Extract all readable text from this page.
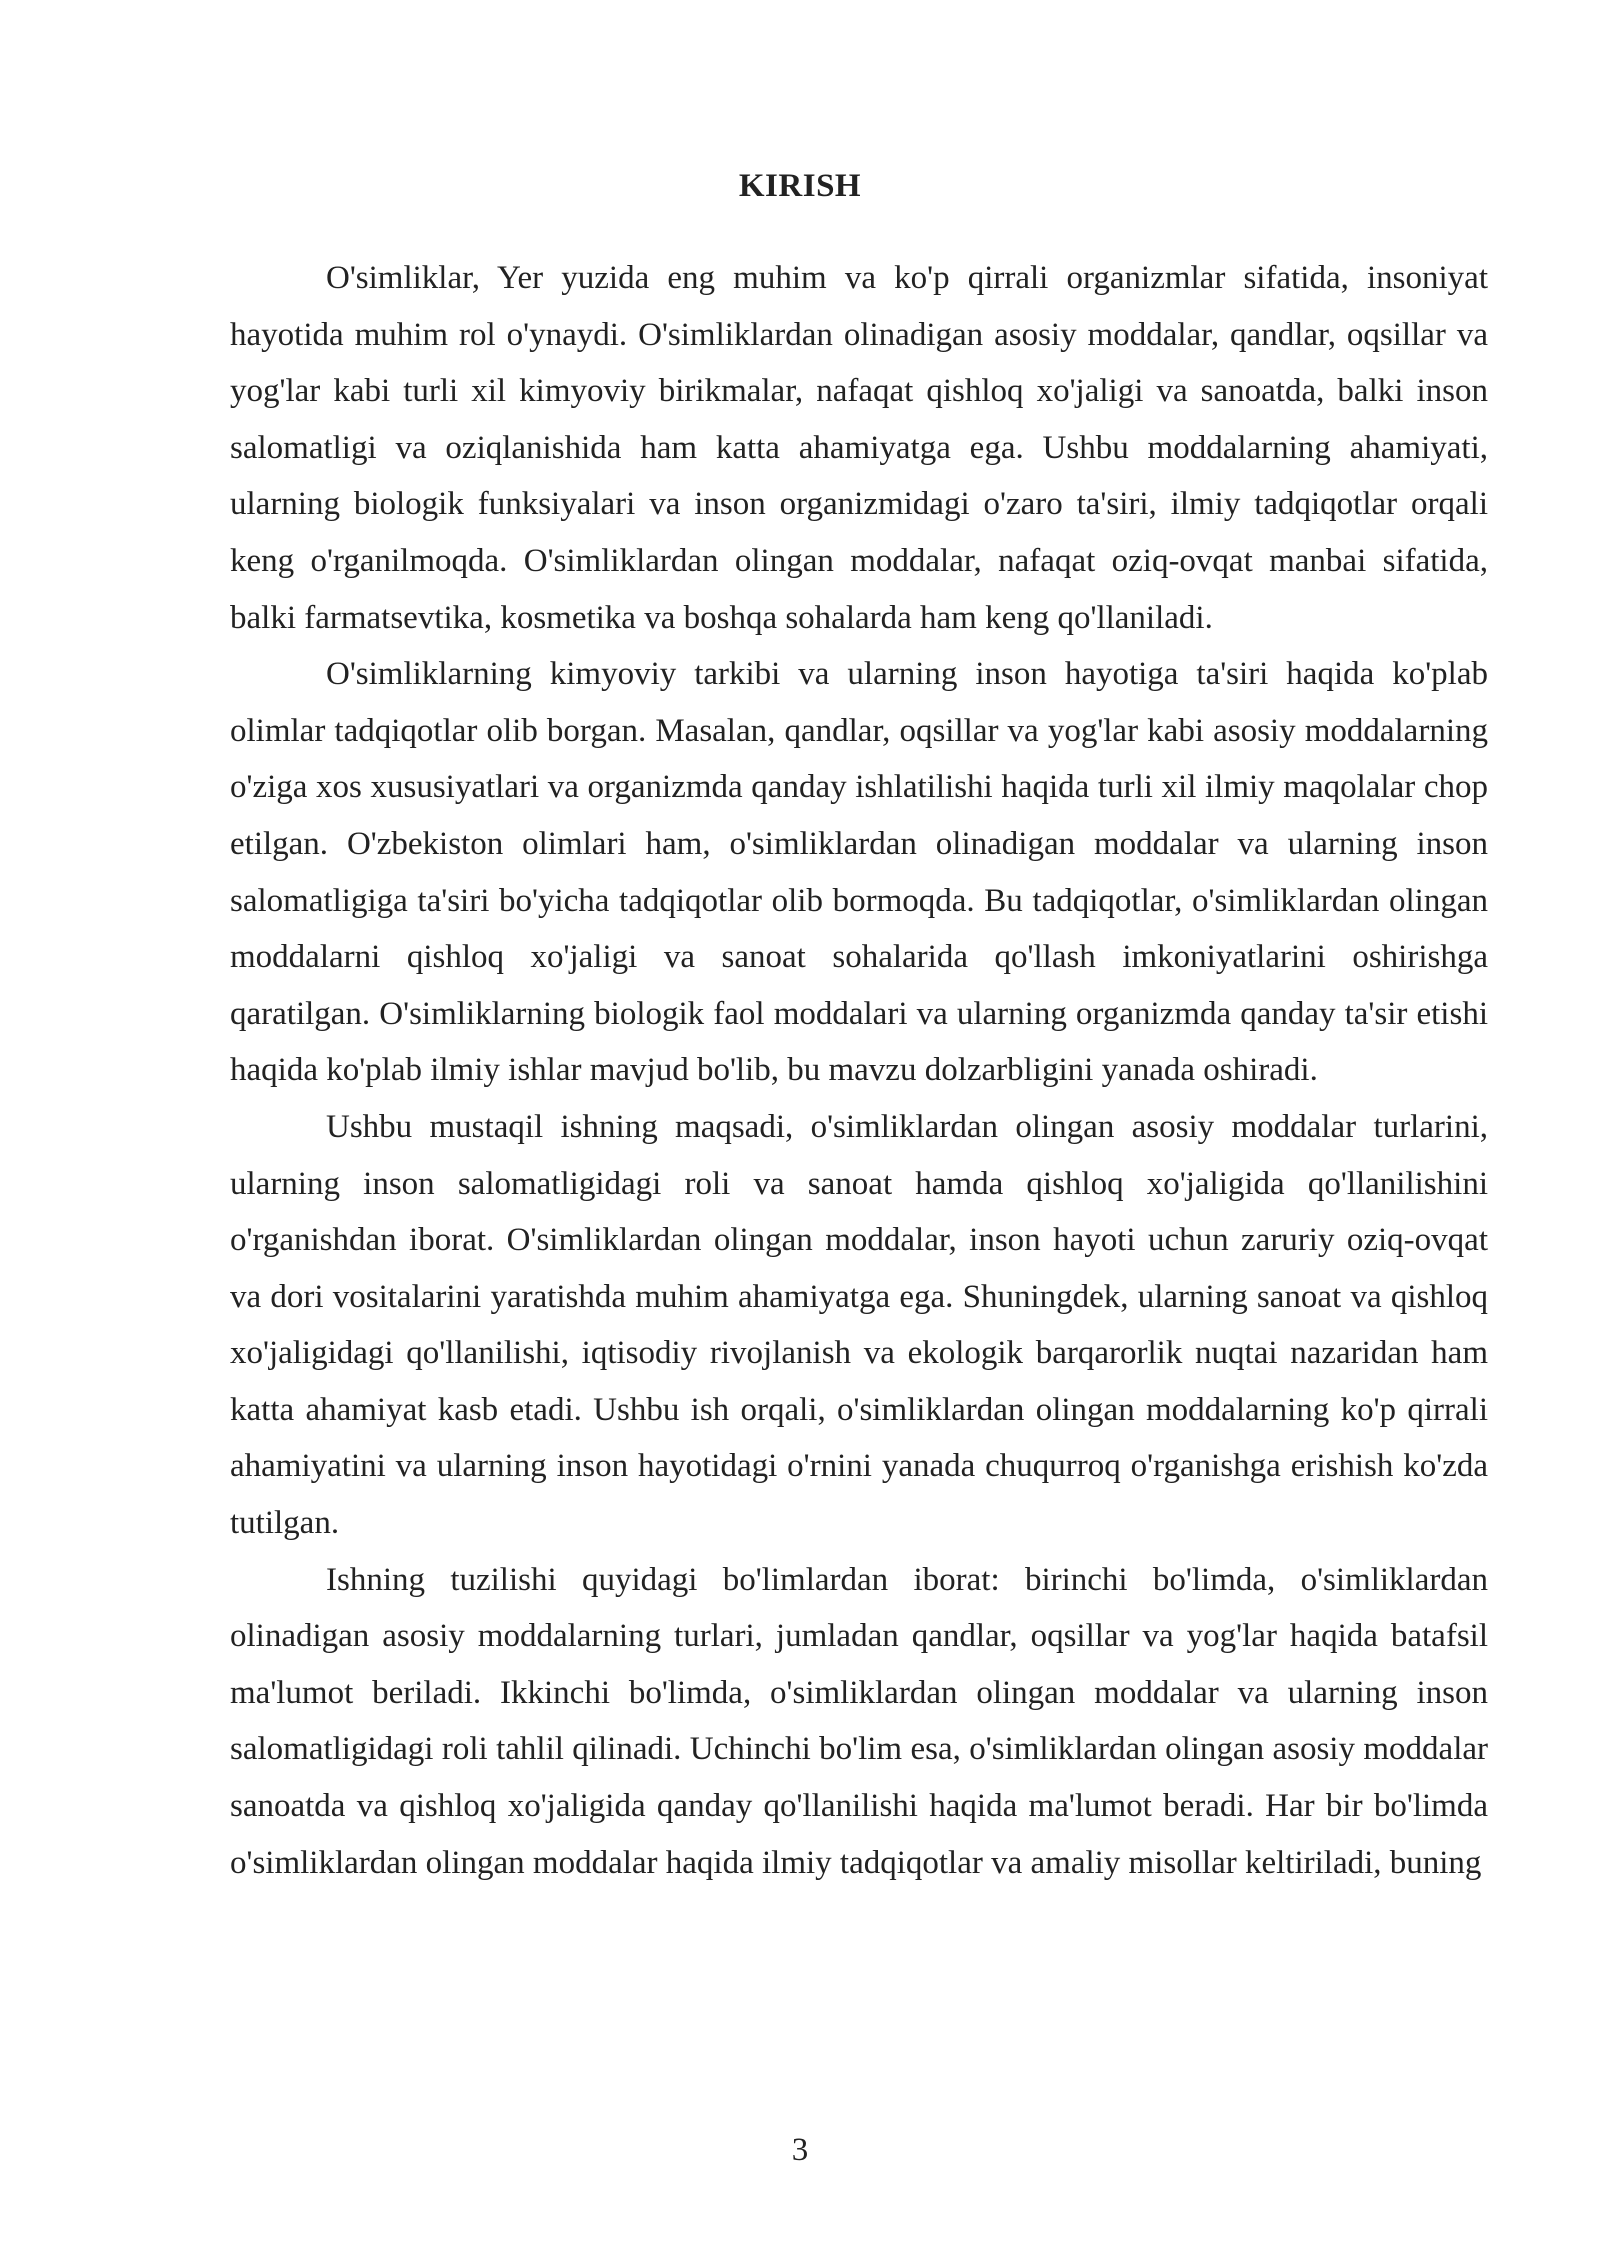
KIRISH

O'simliklar, Yer yuzida eng muhim va ko'p qirrali organizmlar sifatida, insoniyat hayotida muhim rol o'ynaydi. O'simliklardan olinadigan asosiy moddalar, qandlar, oqsillar va yog'lar kabi turli xil kimyoviy birikmalar, nafaqat qishloq xo'jaligi va sanoatda, balki inson salomatligi va oziqlanishida ham katta ahamiyatga ega. Ushbu moddalarning ahamiyati, ularning biologik funksiyalari va inson organizmidagi o'zaro ta'siri, ilmiy tadqiqotlar orqali keng o'rganilmoqda. O'simliklardan olingan moddalar, nafaqat oziq-ovqat manbai sifatida, balki farmatsevtika, kosmetika va boshqa sohalarda ham keng qo'llaniladi.

O'simliklarning kimyoviy tarkibi va ularning inson hayotiga ta'siri haqida ko'plab olimlar tadqiqotlar olib borgan. Masalan, qandlar, oqsillar va yog'lar kabi asosiy moddalarning o'ziga xos xususiyatlari va organizmda qanday ishlatilishi haqida turli xil ilmiy maqolalar chop etilgan. O'zbekiston olimlari ham, o'simliklardan olinadigan moddalar va ularning inson salomatligiga ta'siri bo'yicha tadqiqotlar olib bormoqda. Bu tadqiqotlar, o'simliklardan olingan moddalarni qishloq xo'jaligi va sanoat sohalarida qo'llash imkoniyatlarini oshirishga qaratilgan. O'simliklarning biologik faol moddalari va ularning organizmda qanday ta'sir etishi haqida ko'plab ilmiy ishlar mavjud bo'lib, bu mavzu dolzarbligini yanada oshiradi.

Ushbu mustaqil ishning maqsadi, o'simliklardan olingan asosiy moddalar turlarini, ularning inson salomatligidagi roli va sanoat hamda qishloq xo'jaligida qo'llanilishini o'rganishdan iborat. O'simliklardan olingan moddalar, inson hayoti uchun zaruriy oziq-ovqat va dori vositalarini yaratishda muhim ahamiyatga ega. Shuningdek, ularning sanoat va qishloq xo'jaligidagi qo'llanilishi, iqtisodiy rivojlanish va ekologik barqarorlik nuqtai nazaridan ham katta ahamiyat kasb etadi. Ushbu ish orqali, o'simliklardan olingan moddalarning ko'p qirrali ahamiyatini va ularning inson hayotidagi o'rnini yanada chuqurroq o'rganishga erishish ko'zda tutilgan.

Ishning tuzilishi quyidagi bo'limlardan iborat: birinchi bo'limda, o'simliklardan olinadigan asosiy moddalarning turlari, jumladan qandlar, oqsillar va yog'lar haqida batafsil ma'lumot beriladi. Ikkinchi bo'limda, o'simliklardan olingan moddalar va ularning inson salomatligidagi roli tahlil qilinadi. Uchinchi bo'lim esa, o'simliklardan olingan asosiy moddalar sanoatda va qishloq xo'jaligida qanday qo'llanilishi haqida ma'lumot beradi. Har bir bo'limda o'simliklardan olingan moddalar haqida ilmiy tadqiqotlar va amaliy misollar keltiriladi, buning

3
